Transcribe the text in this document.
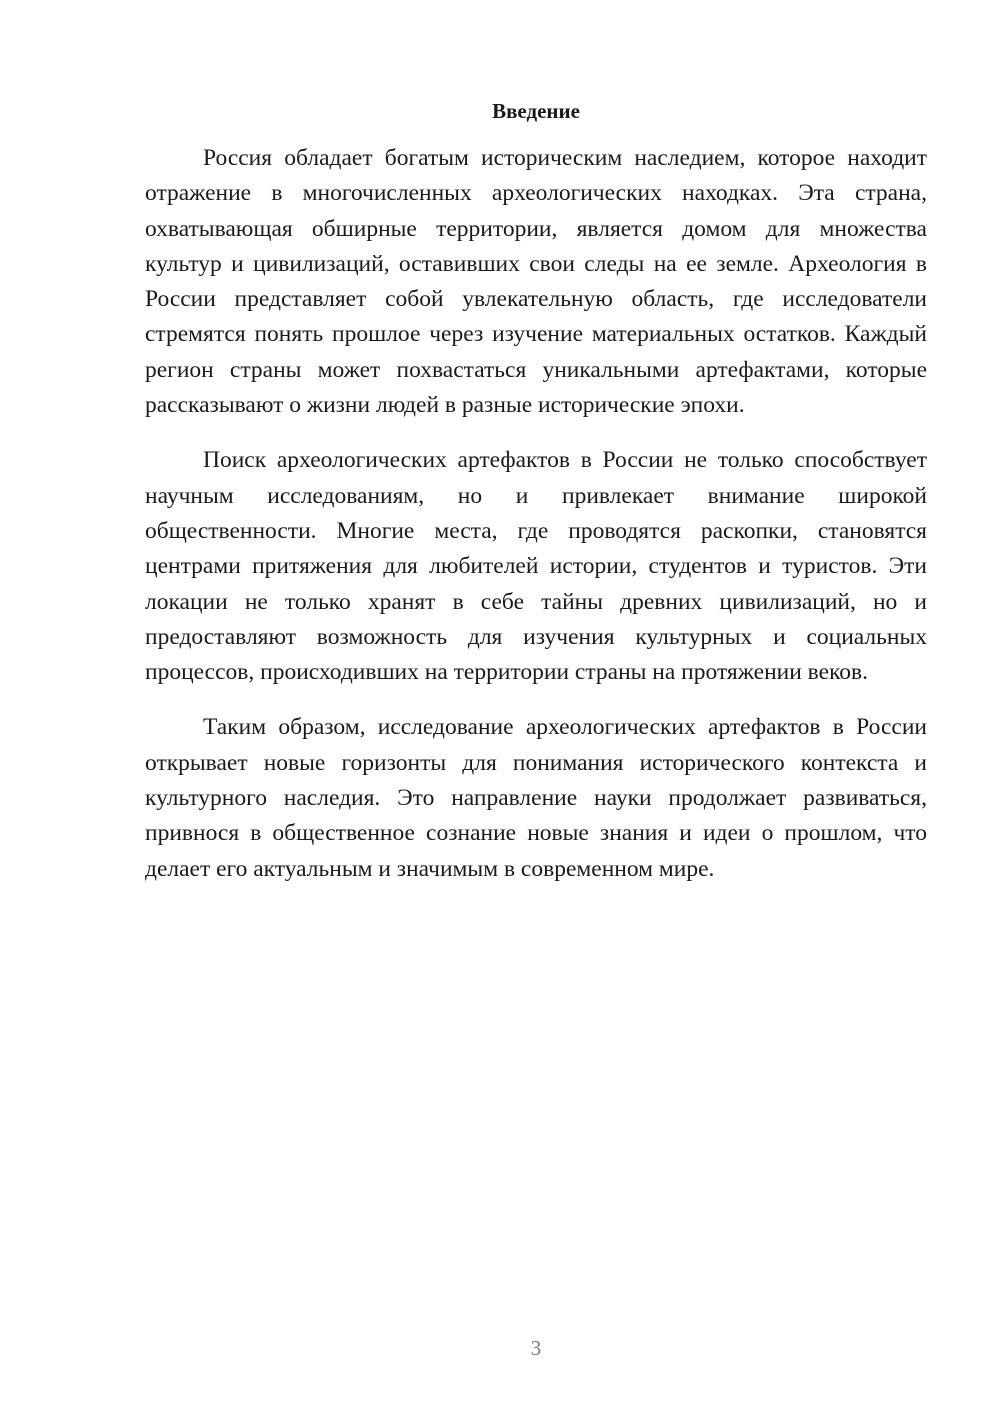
Введение

Россия обладает богатым историческим наследием, которое находит отражение в многочисленных археологических находках. Эта страна, охватывающая обширные территории, является домом для множества культур и цивилизаций, оставивших свои следы на ее земле. Археология в России представляет собой увлекательную область, где исследователи стремятся понять прошлое через изучение материальных остатков. Каждый регион страны может похвастаться уникальными артефактами, которые рассказывают о жизни людей в разные исторические эпохи.

Поиск археологических артефактов в России не только способствует научным исследованиям, но и привлекает внимание широкой общественности. Многие места, где проводятся раскопки, становятся центрами притяжения для любителей истории, студентов и туристов. Эти локации не только хранят в себе тайны древних цивилизаций, но и предоставляют возможность для изучения культурных и социальных процессов, происходивших на территории страны на протяжении веков.

Таким образом, исследование археологических артефактов в России открывает новые горизонты для понимания исторического контекста и культурного наследия. Это направление науки продолжает развиваться, привнося в общественное сознание новые знания и идеи о прошлом, что делает его актуальным и значимым в современном мире.

3
